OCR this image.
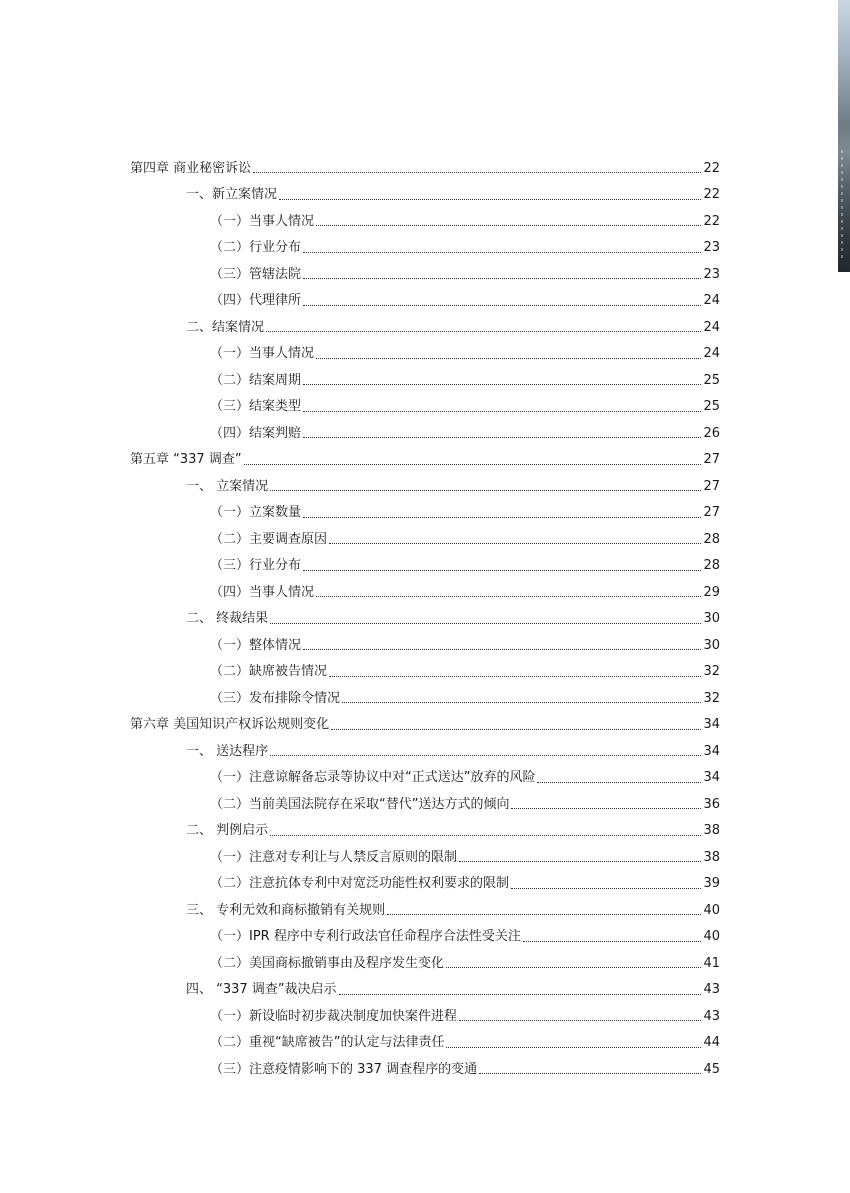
第四章 商业秘密诉讼	22
一、新立案情况	22
（一）当事人情况	22
（二）行业分布	23
（三）管辖法院	23
（四）代理律所	24
二、结案情况	24
（一）当事人情况	24
（二）结案周期	25
（三）结案类型	25
（四）结案判赔	26
第五章 “337 调查”	27
一、 立案情况	27
（一）立案数量	27
（二）主要调查原因	28
（三）行业分布	28
（四）当事人情况	29
二、 终裁结果	30
（一）整体情况	30
（二）缺席被告情况	32
（三）发布排除令情况	32
第六章 美国知识产权诉讼规则变化	34
一、 送达程序	34
（一）注意谅解备忘录等协议中对“正式送达”放弃的风险	34
（二）当前美国法院存在采取“替代”送达方式的倾向	36
二、 判例启示	38
（一）注意对专利让与人禁反言原则的限制	38
（二）注意抗体专利中对宽泛功能性权利要求的限制	39
三、 专利无效和商标撤销有关规则	40
（一）IPR 程序中专利行政法官任命程序合法性受关注	40
（二）美国商标撤销事由及程序发生变化	41
四、 “337 调查”裁决启示	43
（一）新设临时初步裁决制度加快案件进程	43
（二）重视“缺席被告”的认定与法律责任	44
（三）注意疫情影响下的 337 调查程序的变通	45
